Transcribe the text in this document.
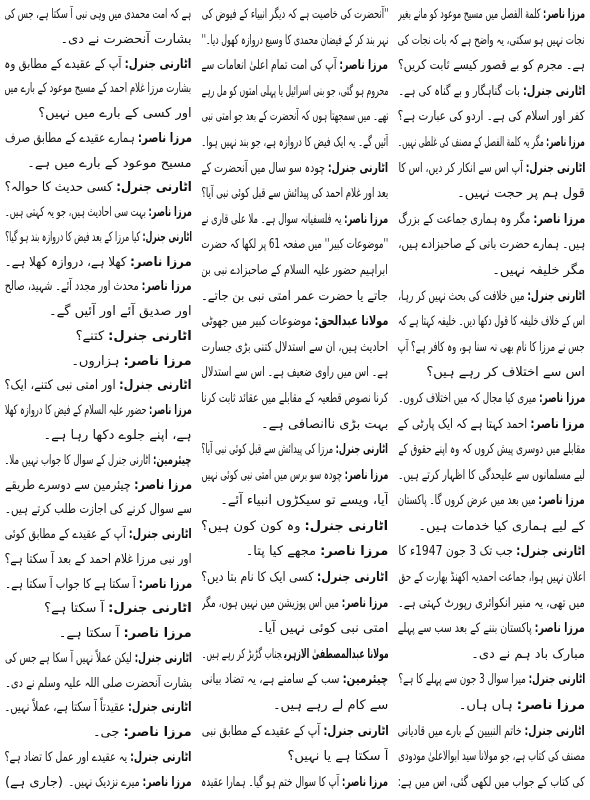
مرزا ناصر:کلمة الفصل میں مسیح موعود کو مانے بغیر
نجات نہیں ہو سکتی، یہ واضح ہے کہ بات نجات کی
ہے۔ مجرم کو بے قصور کیسے ثابت کریں؟
اٹارنی جنرل:بات گناہگار و بے گناہ کی ہے۔
کفر اور اسلام کی ہے۔ اردو کی عبارت ہے؟
مرزا ناصر:مگر یہ کلمة الفصل کے مصنف کی غلطی نہیں۔
اٹارنی جنرل:آپ اس سے انکار کر دیں، اس کا
قول ہم پر حجت نہیں۔
مرزا ناصر:مگر وہ ہماری جماعت کے بزرگ
ہیں۔ ہمارے حضرت بانی کے صاحبزادے ہیں،
مگر خلیفہ نہیں۔
اٹارنی جنرل:میں خلافت کی بحث نہیں کر رہا،
اس کے خلاف خلیفہ کا قول دکھا دیں۔ خلیفہ کہتا ہے کہ
جس نے مرزا کا نام بھی نہ سنا ہو، وہ کافر ہے؟ آپ
اس سے اختلاف کر رہے ہیں؟
مرزا ناصر:میری کیا مجال کہ میں اختلاف کروں۔
مرزا ناصر:احمد کہتا ہے کہ ایک پارٹی کے
مقابلے میں دوسری پیش کروں کہ وہ اپنے حقوق کے
لیے مسلمانوں سے علیحدگی کا اظہار کرتے ہیں۔
مرزا ناصر:میں بعد میں عرض کروں گا۔ پاکستان
کے لیے ہماری کیا خدمات ہیں۔
اٹارنی جنرل:جب تک 3 جون 1947ء کا
اعلان نہیں ہوا، جماعت احمدیہ اکھنڈ بھارت کے حق
میں تھی، یہ منیر انکوائری رپورٹ کہتی ہے۔
مرزا ناصر:پاکستان بننے کے بعد سب سے پہلے
مبارک باد ہم نے دی۔
اٹارنی جنرل:میرا سوال 3 جون سے پہلے کا ہے؟
مرزا ناصر:ہاں ہاں۔
اٹارنی جنرل:خاتم النبیین کے بارے میں قادیانی
مصنف کی کتاب ہے، جو مولانا سید ابوالاعلیٰ مودودی
کی کتاب کے جواب میں لکھی گئی، اس میں ہے:
''آنحضرت کی خاصیت ہے کہ دیگر انبیاء کے فیوض کی
نہر بند کر کے فیضان محمدی کا وسیع دروازہ کھول دیا۔''
مرزا ناصر:آپ کی امت تمام اعلیٰ انعامات سے
محروم ہو گئی، جو بنی اسرائیل یا پہلی امتوں کو مل رہے
تھے۔ میں سمجھتا ہوں کہ آنحضرت کے بعد جو امتی نبی
آئیں گے۔ یہ ایک فیض کا دروازہ ہے، جو بند نہیں ہوا۔
اٹارنی جنرل:چودہ سو سال میں آنحضرت کے
بعد اور غلام احمد کی پیدائش سے قبل کوئی نبی آیا؟
مرزا ناصر:یہ فلسفیانہ سوال ہے۔ ملا علی قاری نے
''موضوعات کبیر'' میں صفحہ 61 پر لکھا کہ حضرت
ابراہیم حضور علیہ السلام کے صاحبزادے نبی بن
جاتے یا حضرت عمر امتی نبی بن جاتے۔
مولانا عبدالحق:موضوعات کبیر میں جھوٹی
احادیث ہیں، ان سے استدلال کتنی بڑی جسارت
ہے۔ اس میں راوی ضعیف ہے۔ اس سے استدلال
کرنا نصوص قطعیہ کے مقابلے میں عقائد ثابت کرنا
بہت بڑی ناانصافی ہے۔
اٹارنی جنرل:مرزا کی پیدائش سے قبل کوئی نبی آیا؟
مرزا ناصر:چودہ سو برس میں امتی نبی کوئی نہیں
آیا، ویسے تو سیکڑوں انبیاء آئے۔
اٹارنی جنرل:وہ کون کون ہیں؟
مرزا ناصر:مجھے کیا پتا۔
اٹارنی جنرل:کسی ایک کا نام بتا دیں؟
مرزا ناصر:میں اس پوزیشن میں نہیں ہوں، مگر
امتی نبی کوئی نہیں آیا۔
مولانا عبدالمصطفیٰ الازہریجناب گڑبڑ کر رہے ہیں۔
چیئرمین:سب کے سامنے ہے، یہ تضاد بیانی
سے کام لے رہے ہیں۔
اٹارنی جنرل:آپ کے عقیدے کے مطابق نبی
آ سکتا ہے یا نہیں؟
مرزا ناصر:آپ کا سوال ختم ہو گیا۔ ہمارا عقیدہ
ہے کہ امت محمدی میں وہی نبی آ سکتا ہے، جس کی
بشارت آنحضرت نے دی۔
اٹارنی جنرل:آپ کے عقیدے کے مطابق وہ
بشارت مرزا غلام احمد کے مسیح موعود کے بارے میں
اور کسی کے بارے میں نہیں؟
مرزا ناصر:ہمارے عقیدے کے مطابق صرف
مسیح موعود کے بارے میں ہے۔
اٹارنی جنرل:کسی حدیث کا حوالہ؟
مرزا ناصر:بہت سی احادیث ہیں، جو یہ کہتی ہیں۔
اٹارنی جنرل:کیا مرزا کے بعد فیض کا دروازہ بند ہو گیا؟
مرزا ناصر:کھلا ہے، دروازہ کھلا ہے۔
مرزا ناصر:محدث اور مجدد آئے۔ شہید، صالح
اور صدیق آئے اور آئیں گے۔
اٹارنی جنرل:کتنے؟
مرزا ناصر:ہزاروں۔
اٹارنی جنرل:اور امتی نبی کتنے، ایک؟
مرزا ناصر:حضور علیہ السلام کے فیض کا دروازہ کھلا
ہے، اپنے جلوے دکھا رہا ہے۔
چیئرمین:اٹارنی جنرل کے سوال کا جواب نہیں ملا۔
مرزا ناصر:چیئرمین سے دوسرے طریقے
سے سوال کرنے کی اجازت طلب کرتے ہیں۔
اٹارنی جنرل:آپ کے عقیدے کے مطابق کوئی
اور نبی مرزا غلام احمد کے بعد آ سکتا ہے؟
مرزا ناصر:آ سکتا ہے کا جواب آ سکتا ہے۔
اٹارنی جنرل:آ سکتا ہے؟
مرزا ناصر:آ سکتا ہے۔
اٹارنی جنرل:لیکن عملاً نہیں آ سکا ہے جس کی
بشارت آنحضرت صلی اللہ علیہ وسلم نے دی۔
اٹارنی جنرل:عقیدتاً آ سکتا ہے، عملاً نہیں۔
مرزا ناصر:جی۔
اٹارنی جنرل:یہ عقیدے اور عمل کا تضاد ہے؟
(جاری ہے)	مرزا ناصر:میرے نزدیک نہیں۔
